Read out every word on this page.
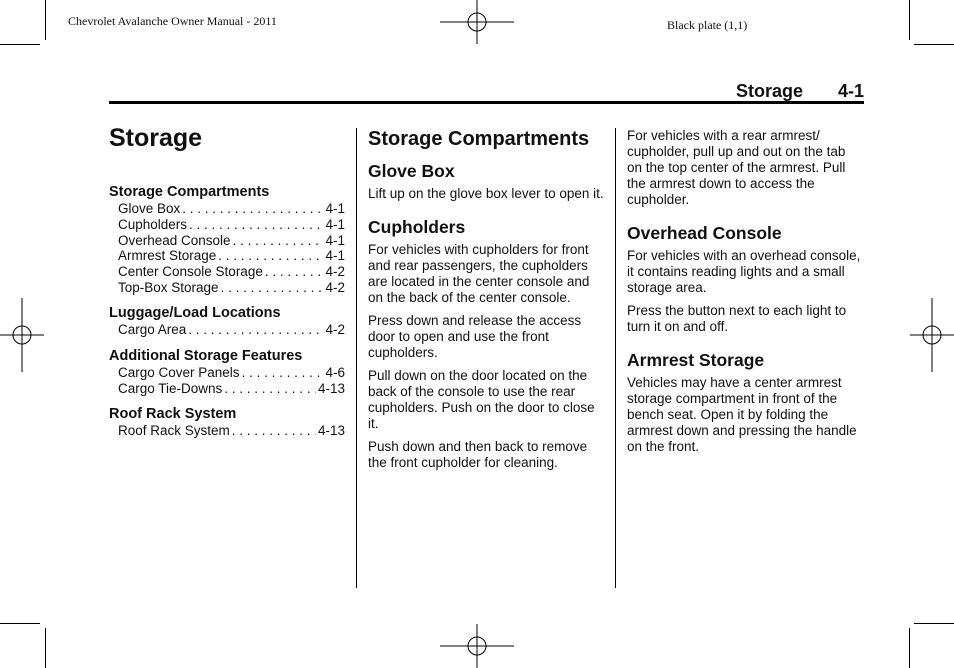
Chevrolet Avalanche Owner Manual - 2011	Black plate (1,1)
Storage 4-1
Storage
Storage Compartments
Glove Box . . .	4-1
Cupholders . . .	4-1
Overhead Console . . .	4-1
Armrest Storage . . .	4-1
Center Console Storage . . .	4-2
Top-Box Storage . . .	4-2
Luggage/Load Locations
Cargo Area . . .	4-2
Additional Storage Features
Cargo Cover Panels . . .	4-6
Cargo Tie-Downs . . .	4-13
Roof Rack System
Roof Rack System . . .	4-13
Storage Compartments
Glove Box
Lift up on the glove box lever to open it.
Cupholders
For vehicles with cupholders for front and rear passengers, the cupholders are located in the center console and on the back of the center console.
Press down and release the access door to open and use the front cupholders.
Pull down on the door located on the back of the console to use the rear cupholders. Push on the door to close it.
Push down and then back to remove the front cupholder for cleaning.
For vehicles with a rear armrest/ cupholder, pull up and out on the tab on the top center of the armrest. Pull the armrest down to access the cupholder.
Overhead Console
For vehicles with an overhead console, it contains reading lights and a small storage area.
Press the button next to each light to turn it on and off.
Armrest Storage
Vehicles may have a center armrest storage compartment in front of the bench seat. Open it by folding the armrest down and pressing the handle on the front.
